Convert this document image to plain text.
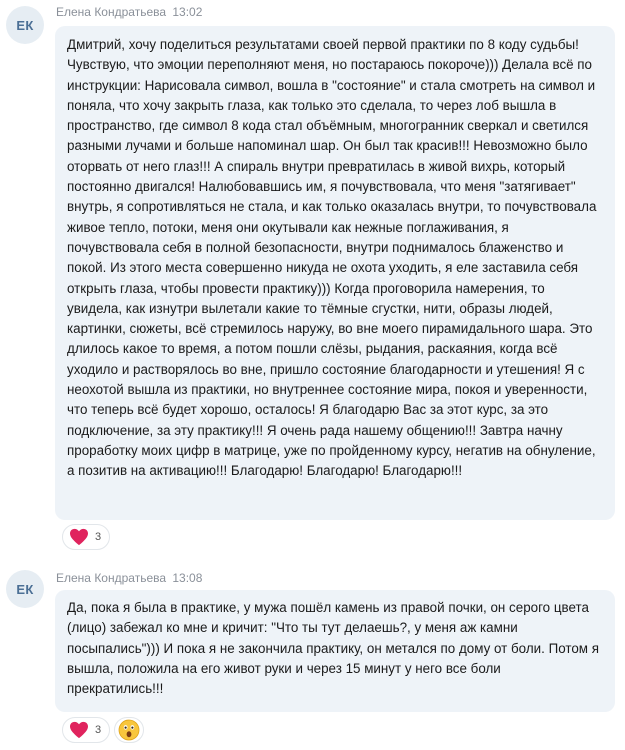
ЕК
Елена Кондратьева 13:02
Дмитрий, хочу поделиться результатами своей первой практики по 8 коду судьбы!
Чувствую, что эмоции переполняют меня, но постараюсь покороче))) Делала всё по
инструкции: Нарисовала символ, вошла в "состояние" и стала смотреть на символ и
поняла, что хочу закрыть глаза, как только это сделала, то через лоб вышла в
пространство, где символ 8 кода стал объёмным, многогранник сверкал и светился
разными лучами и больше напоминал шар. Он был так красив!!! Невозможно было
оторвать от него глаз!!! А спираль внутри превратилась в живой вихрь, который
постоянно двигался! Налюбовавшись им, я почувствовала, что меня "затягивает"
внутрь, я сопротивляться не стала, и как только оказалась внутри, то почувствовала
живое тепло, потоки, меня они окутывали как нежные поглаживания, я
почувствовала себя в полной безопасности, внутри поднималось блаженство и
покой. Из этого места совершенно никуда не охота уходить, я еле заставила себя
открыть глаза, чтобы провести практику))) Когда проговорила намерения, то
увидела, как изнутри вылетали какие то тёмные сгустки, нити, образы людей,
картинки, сюжеты, всё стремилось наружу, во вне моего пирамидального шара. Это
длилось какое то время, а потом пошли слёзы, рыдания, раскаяния, когда всё
уходило и растворялось во вне, пришло состояние благодарности и утешения! Я с
неохотой вышла из практики, но внутреннее состояние мира, покоя и уверенности,
что теперь всё будет хорошо, осталось! Я благодарю Вас за этот курс, за это
подключение, за эту практику!!! Я очень рада нашему общению!!! Завтра начну
проработку моих цифр в матрице, уже по пройденному курсу, негатив на обнуление,
а позитив на активацию!!! Благодарю! Благодарю! Благодарю!!!
3
ЕК
Елена Кондратьева 13:08
Да, пока я была в практике, у мужа пошёл камень из правой почки, он серого цвета
(лицо) забежал ко мне и кричит: "Что ты тут делаешь?, у меня аж камни
посыпались"))) И пока я не закончила практику, он метался по дому от боли. Потом я
вышла, положила на его живот руки и через 15 минут у него все боли
прекратились!!!
3
